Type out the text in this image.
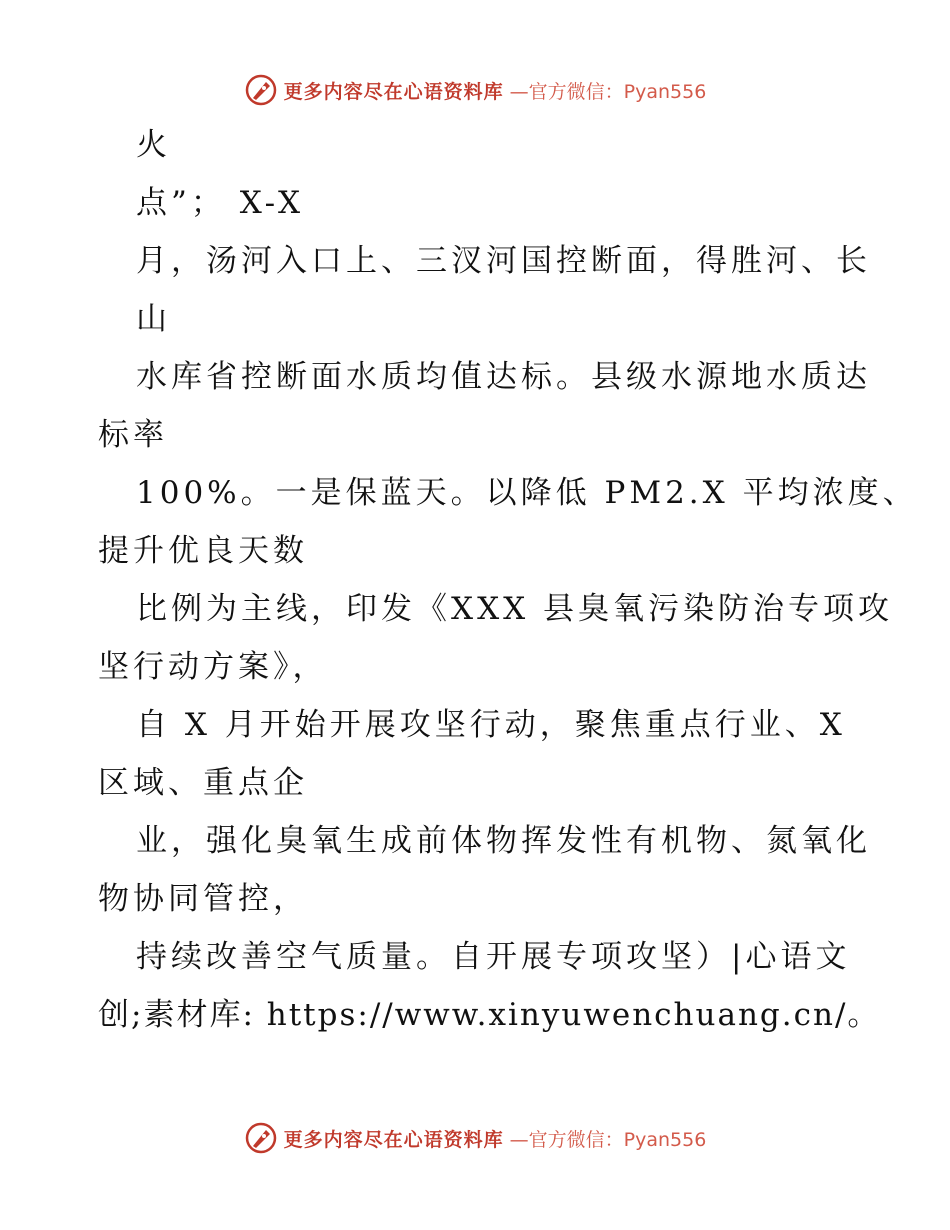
更多内容尽在心语资料库 —官方微信：Pyan556
火
点”； X-X
月，汤河入口上、三汊河国控断面，得胜河、长
山
水库省控断面水质均值达标。县级水源地水质达
标率
100%。一是保蓝天。以降低 PM2.X 平均浓度、
提升优良天数
比例为主线，印发《XXX 县臭氧污染防治专项攻
坚行动方案》，
自 X 月开始开展攻坚行动，聚焦重点行业、X
区域、重点企
业，强化臭氧生成前体物挥发性有机物、氮氧化
物协同管控，
持续改善空气质量。自开展专项攻坚）|心语文
创;素材库: https://www.xinyuwenchuang.cn/。
更多内容尽在心语资料库 —官方微信：Pyan556
